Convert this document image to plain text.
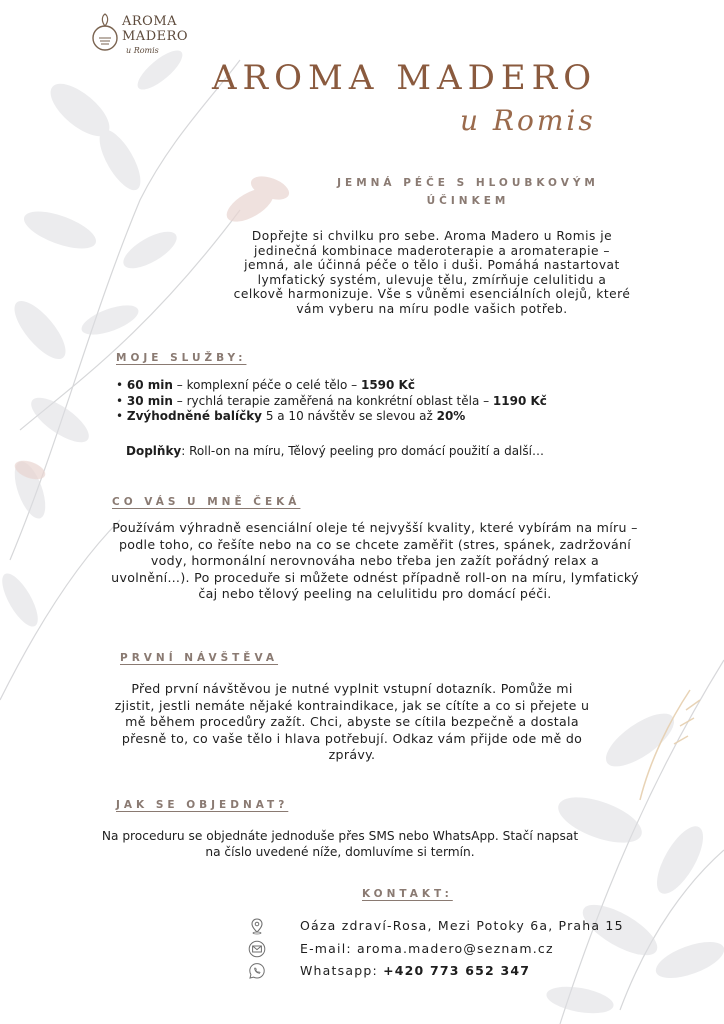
AROMA
MADERO
u Romis
AROMA MADERO
u Romis
JEMNÁ PÉČE S HLOUBKOVÝM ÚČINKEM
Dopřejte si chvilku pro sebe. Aroma Madero u Romis je jedinečná kombinace maderoterapie a aromaterapie – jemná, ale účinná péče o tělo i duši. Pomáhá nastartovat lymfatický systém, ulevuje tělu, zmírňuje celulitidu a celkově harmonizuje. Vše s vůněmi esenciálních olejů, které vám vyberu na míru podle vašich potřeb.
MOJE SLUŽBY:
• 60 min – komplexní péče o celé tělo – 1590 Kč
• 30 min – rychlá terapie zaměřená na konkrétní oblast těla – 1190 Kč
• Zvýhodněné balíčky 5 a 10 návštěv se slevou až 20%
Doplňky: Roll-on na míru, Tělový peeling pro domácí použití a další…
CO VÁS U MNĚ ČEKÁ
Používám výhradně esenciální oleje té nejvyšší kvality, které vybírám na míru – podle toho, co řešíte nebo na co se chcete zaměřit (stres, spánek, zadržování vody, hormonální nerovnováha nebo třeba jen zažít pořádný relax a uvolnění…). Po proceduře si můžete odnést případně roll-on na míru, lymfatický čaj nebo tělový peeling na celulitidu pro domácí péči.
PRVNÍ NÁVŠTĚVA
Před první návštěvou je nutné vyplnit vstupní dotazník. Pomůže mi zjistit, jestli nemáte nějaké kontraindikace, jak se cítíte a co si přejete u mě během procedůry zažít. Chci, abyste se cítila bezpečně a dostala přesně to, co vaše tělo i hlava potřebují. Odkaz vám přijde ode mě do zprávy.
JAK SE OBJEDNAT?
Na proceduru se objednáte jednoduše přes SMS nebo WhatsApp. Stačí napsat na číslo uvedené níže, domluvíme si termín.
KONTAKT:
Oáza zdraví-Rosa, Mezi Potoky 6a, Praha 15
E-mail: aroma.madero@seznam.cz
Whatsapp: +420 773 652 347
